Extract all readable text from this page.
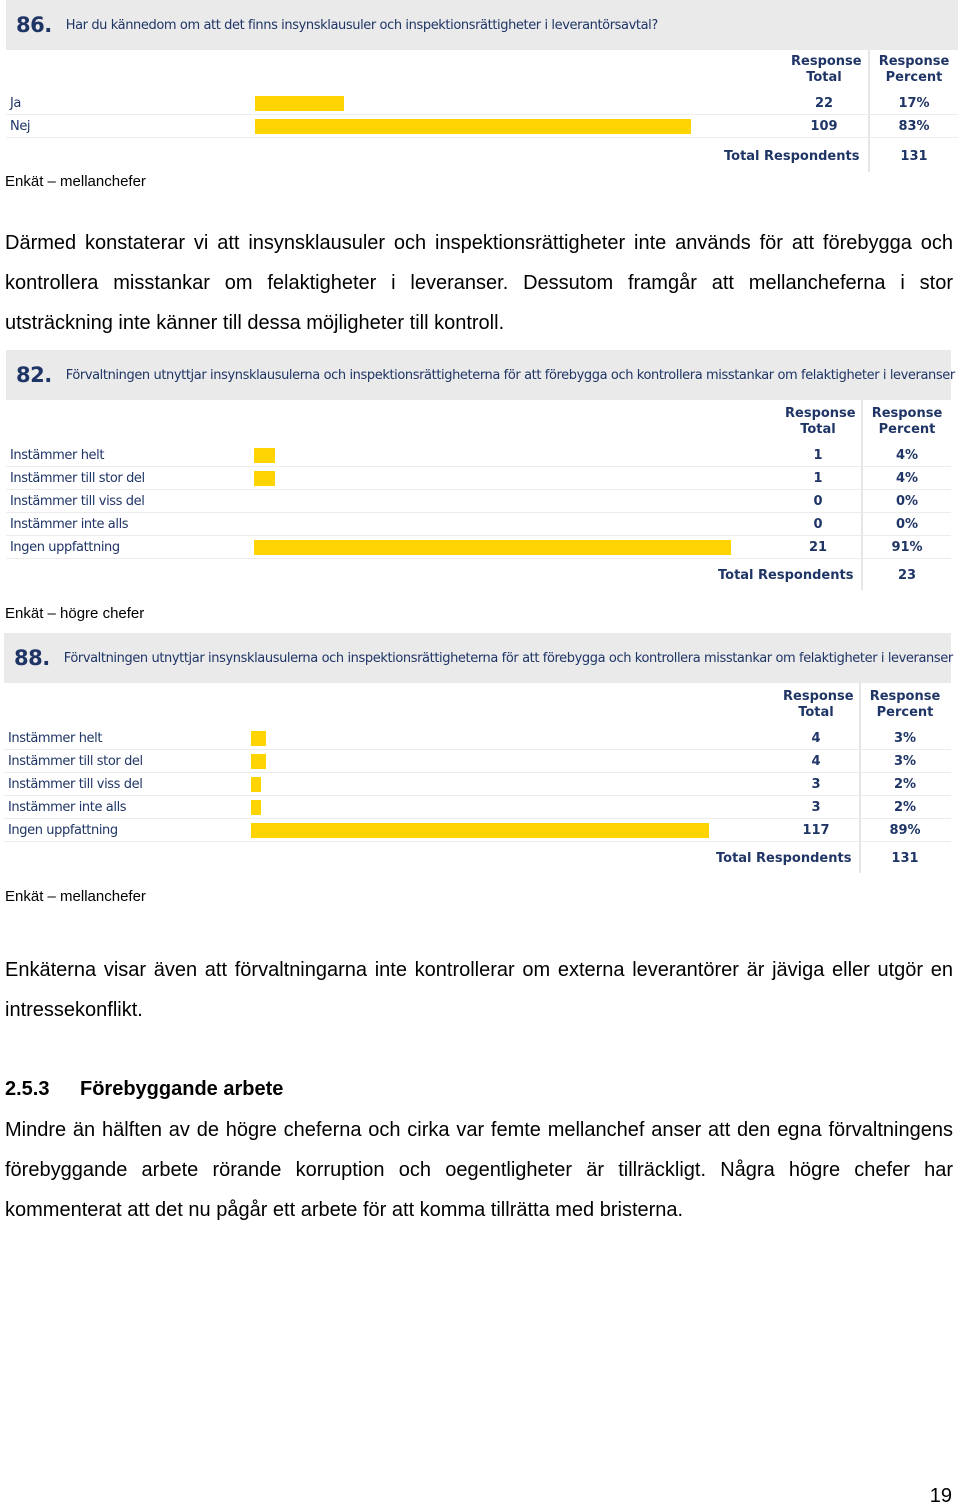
86. Har du kännedom om att det finns insynsklausuler och inspektionsrättigheter i leverantörsavtal?
Response Total
Response Percent
Ja	22	17%
Nej	109	83%
Total Respondents	131
82. Förvaltningen utnyttjar insynsklausulerna och inspektionsrättigheterna för att förebygga och kontrollera misstankar om felaktigheter i leveranser
Response Total
Response Percent
Instämmer helt	1	4%
Instämmer till stor del	1	4%
Instämmer till viss del	0	0%
Instämmer inte alls	0	0%
Ingen uppfattning	21	91%
Total Respondents	23
88. Förvaltningen utnyttjar insynsklausulerna och inspektionsrättigheterna för att förebygga och kontrollera misstankar om felaktigheter i leveranser
Response Total
Response Percent
Instämmer helt	4	3%
Instämmer till stor del	4	3%
Instämmer till viss del	3	2%
Instämmer inte alls	3	2%
Ingen uppfattning	117	89%
Total Respondents	131
Enkät – mellanchefer
Därmed konstaterar vi att insynsklausuler och inspektionsrättigheter inte används för att förebygga och kontrollera misstankar om felaktigheter i leveranser. Dessutom framgår att mellancheferna i stor utsträckning inte känner till dessa möjligheter till kontroll.
Enkät – högre chefer
Enkät – mellanchefer
Enkäterna visar även att förvaltningarna inte kontrollerar om externa leverantörer är jäviga eller utgör en intressekonflikt.
2.5.3 Förebyggande arbete
Mindre än hälften av de högre cheferna och cirka var femte mellanchef anser att den egna förvaltningens förebyggande arbete rörande korruption och oegentligheter är tillräckligt. Några högre chefer har kommenterat att det nu pågår ett arbete för att komma tillrätta med bristerna.
19
